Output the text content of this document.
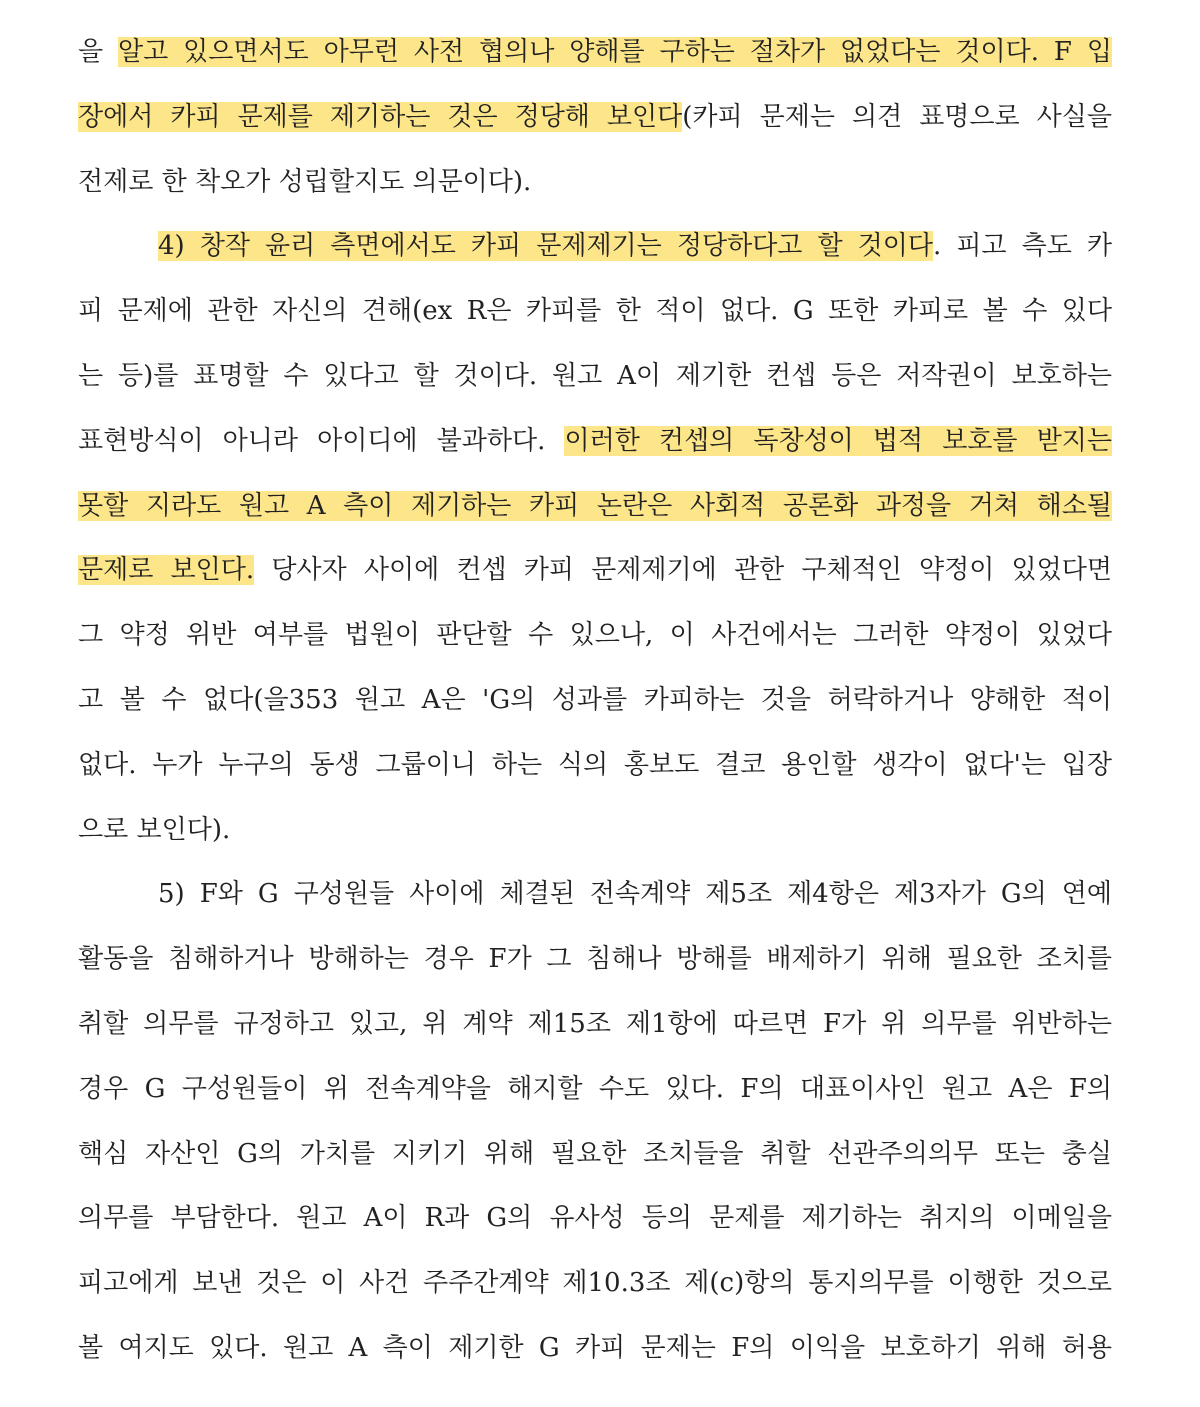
을 알고 있으면서도 아무런 사전 협의나 양해를 구하는 절차가 없었다는 것이다. F 입
장에서 카피 문제를 제기하는 것은 정당해 보인다(카피 문제는 의견 표명으로 사실을
전제로 한 착오가 성립할지도 의문이다).
4) 창작 윤리 측면에서도 카피 문제제기는 정당하다고 할 것이다. 피고 측도 카
피 문제에 관한 자신의 견해(ex R은 카피를 한 적이 없다. G 또한 카피로 볼 수 있다
는 등)를 표명할 수 있다고 할 것이다. 원고 A이 제기한 컨셉 등은 저작권이 보호하는
표현방식이 아니라 아이디에 불과하다. 이러한 컨셉의 독창성이 법적 보호를 받지는
못할 지라도 원고 A 측이 제기하는 카피 논란은 사회적 공론화 과정을 거쳐 해소될
문제로 보인다. 당사자 사이에 컨셉 카피 문제제기에 관한 구체적인 약정이 있었다면
그 약정 위반 여부를 법원이 판단할 수 있으나, 이 사건에서는 그러한 약정이 있었다
고 볼 수 없다(을353 원고 A은 'G의 성과를 카피하는 것을 허락하거나 양해한 적이
없다. 누가 누구의 동생 그룹이니 하는 식의 홍보도 결코 용인할 생각이 없다'는 입장
으로 보인다).
5) F와 G 구성원들 사이에 체결된 전속계약 제5조 제4항은 제3자가 G의 연예
활동을 침해하거나 방해하는 경우 F가 그 침해나 방해를 배제하기 위해 필요한 조치를
취할 의무를 규정하고 있고, 위 계약 제15조 제1항에 따르면 F가 위 의무를 위반하는
경우 G 구성원들이 위 전속계약을 해지할 수도 있다. F의 대표이사인 원고 A은 F의
핵심 자산인 G의 가치를 지키기 위해 필요한 조치들을 취할 선관주의의무 또는 충실
의무를 부담한다. 원고 A이 R과 G의 유사성 등의 문제를 제기하는 취지의 이메일을
피고에게 보낸 것은 이 사건 주주간계약 제10.3조 제(c)항의 통지의무를 이행한 것으로
볼 여지도 있다. 원고 A 측이 제기한 G 카피 문제는 F의 이익을 보호하기 위해 허용
